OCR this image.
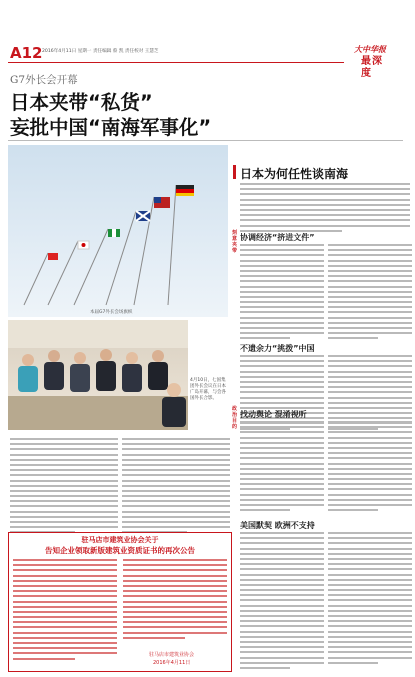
A12 2016年4月11日 星期一 责任编辑 蔡 凯 责任校对 王慧芝	大中华报
最深度
G7外长会开幕
日本夹带“私货”
妄批中国“南海军事化”
本届G7外长会场旗帜
4月10日，七国集团外长会议在日本广岛开幕，与会各国外长合影。
日本为何任性谈南海
刻意夹带
协调经济“挤进文件”
不遗余力“挑拨”中国
政治目的
找动舆论 混淆视听
美国默契 欧洲不支持
驻马店市建筑业协会关于
告知企业领取新版建筑业资质证书的再次公告
驻马店市建筑业协会
2016年4月11日
